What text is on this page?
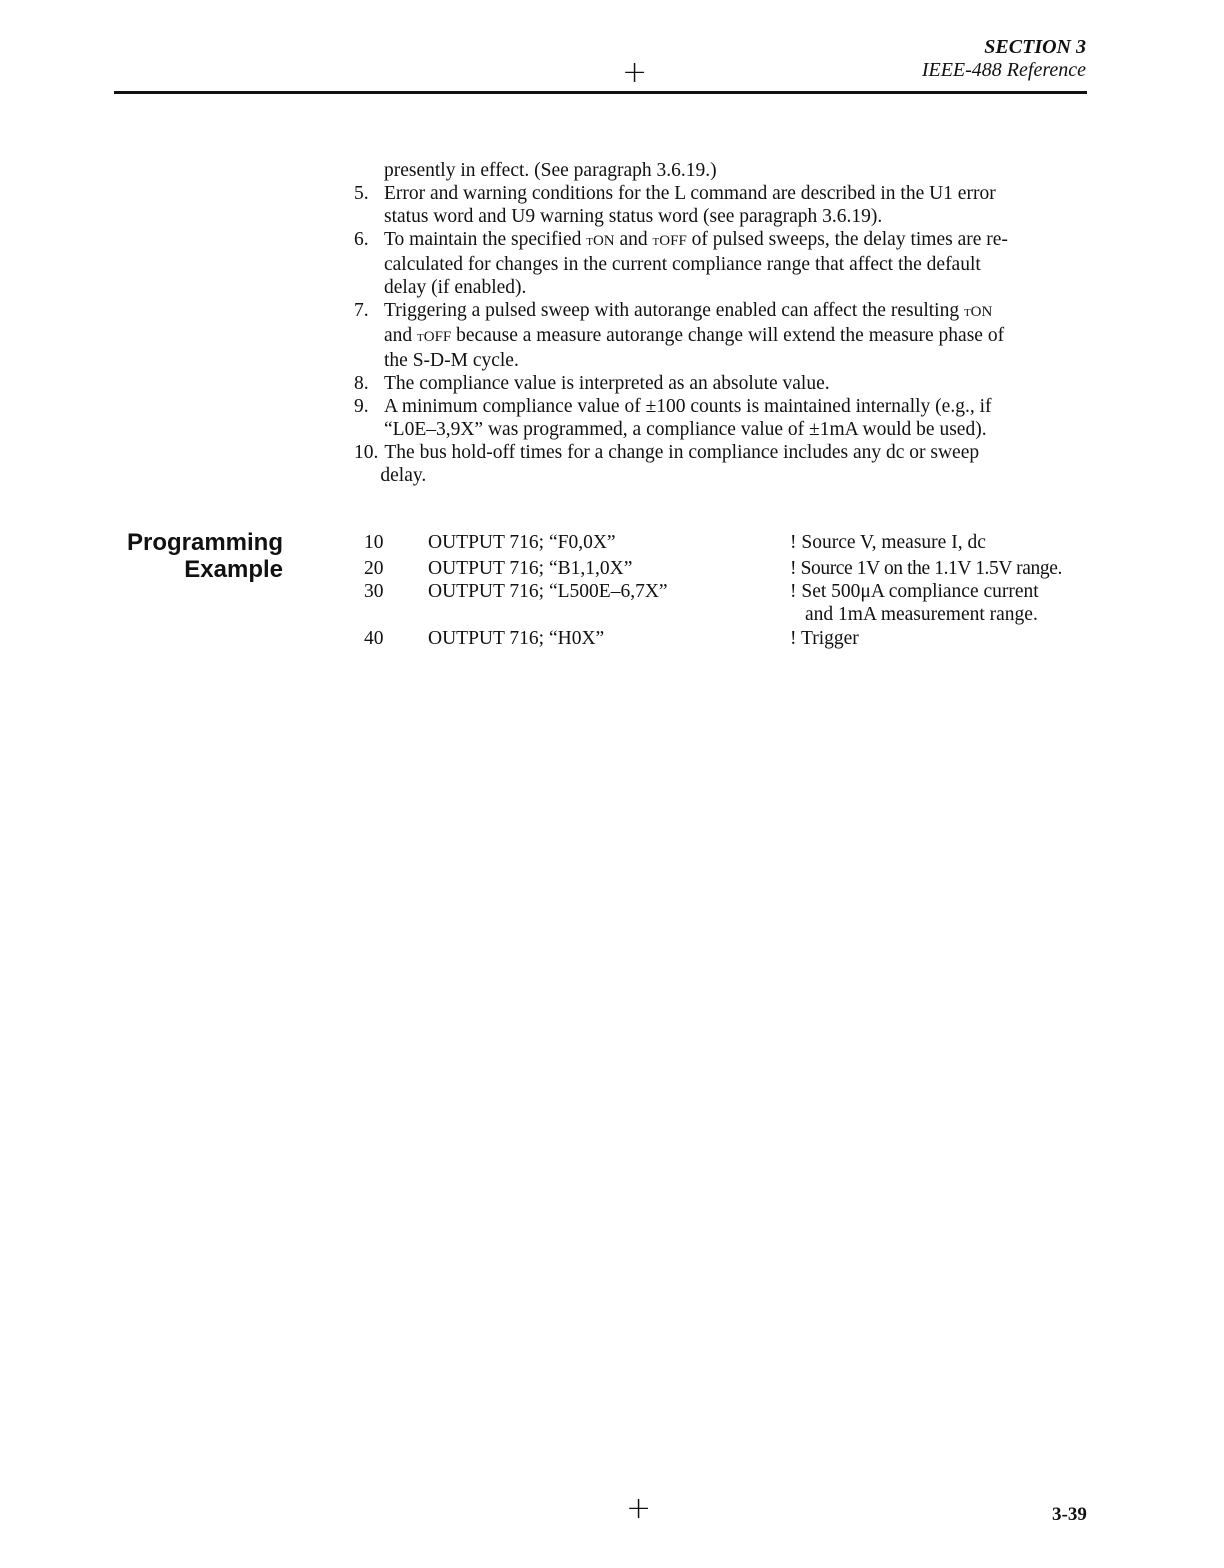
SECTION 3
IEEE-488 Reference
+
presently in effect. (See paragraph 3.6.19.)
5. Error and warning conditions for the L command are described in the U1 error
status word and U9 warning status word (see paragraph 3.6.19).
6. To maintain the specified tON and tOFF of pulsed sweeps, the delay times are re-
calculated for changes in the current compliance range that affect the default
delay (if enabled).
7. Triggering a pulsed sweep with autorange enabled can affect the resulting tON
and tOFF because a measure autorange change will extend the measure phase of
the S-D-M cycle.
8. The compliance value is interpreted as an absolute value.
9. A minimum compliance value of ±100 counts is maintained internally (e.g., if
“L0E–3,9X” was programmed, a compliance value of ±1mA would be used).
10. The bus hold-off times for a change in compliance includes any dc or sweep
delay.
Programming
Example
10 OUTPUT 716; “F0,0X”	! Source V, measure I, dc
20 OUTPUT 716; “B1,1,0X”	! Source 1V on the 1.1V 1.5V range.
30 OUTPUT 716; “L500E–6,7X”	! Set 500μA compliance current
and 1mA measurement range.
40 OUTPUT 716; “H0X”	! Trigger
+	3-39
